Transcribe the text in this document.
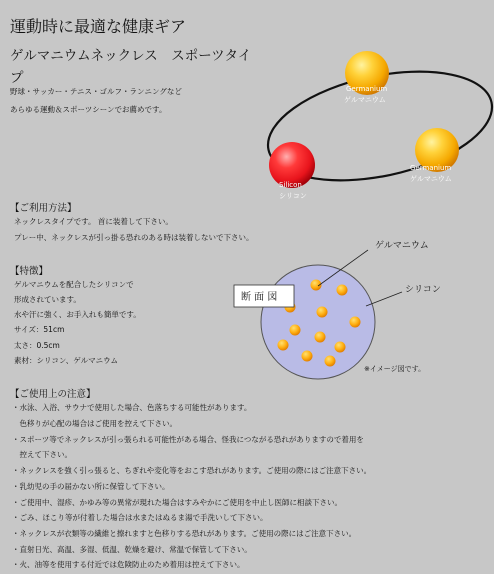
運動時に最適な健康ギア
ゲルマニウムネックレス　スポーツタイ
プ
野球・サッカー・テニス・ゴルフ・ランニングなど
あらゆる運動＆スポーツシーンでお薦めです。
Germanium
ゲルマニウム
Germanium
ゲルマニウム
Silicon
シリコン
断 面 図
ゲルマニウム
シリコン
※イメージ図です。
【ご利用方法】
ネックレスタイプです。 首に装着して下さい。
プレー中、ネックレスが引っ掛る恐れのある時は装着しないで下さい。
【特徴】
ゲルマニウムを配合したシリコンで
形成されています。
水や汗に強く、お手入れも簡単です。
サイズ：51cm
太さ：0.5cm
素材：シリコン、ゲルマニウム
【ご使用上の注意】
・水泳、入浴、サウナで使用した場合、色落ちする可能性があります。
　色移りが心配の場合はご使用を控えて下さい。
・スポーツ等でネックレスが引っ張られる可能性がある場合、怪我につながる恐れがありますので着用を
　控えて下さい。
・ネックレスを強く引っ張ると、ちぎれや変化等をおこす恐れがあります。ご使用の際にはご注意下さい。
・乳幼児の手の届かない所に保管して下さい。
・ご使用中、湿疹、かゆみ等の異常が現れた場合はすみやかにご使用を中止し医師に相談下さい。
・ごみ、ほこり等が付着した場合は水またはぬるま湯で手洗いして下さい。
・ネックレスが衣類等の繊維と擦れますと色移りする恐れがあります。ご使用の際にはご注意下さい。
・直射日光、高温、多湿、低温、乾燥を避け、常温で保管して下さい。
・火、油等を使用する付近では危険防止のため着用は控えて下さい。
